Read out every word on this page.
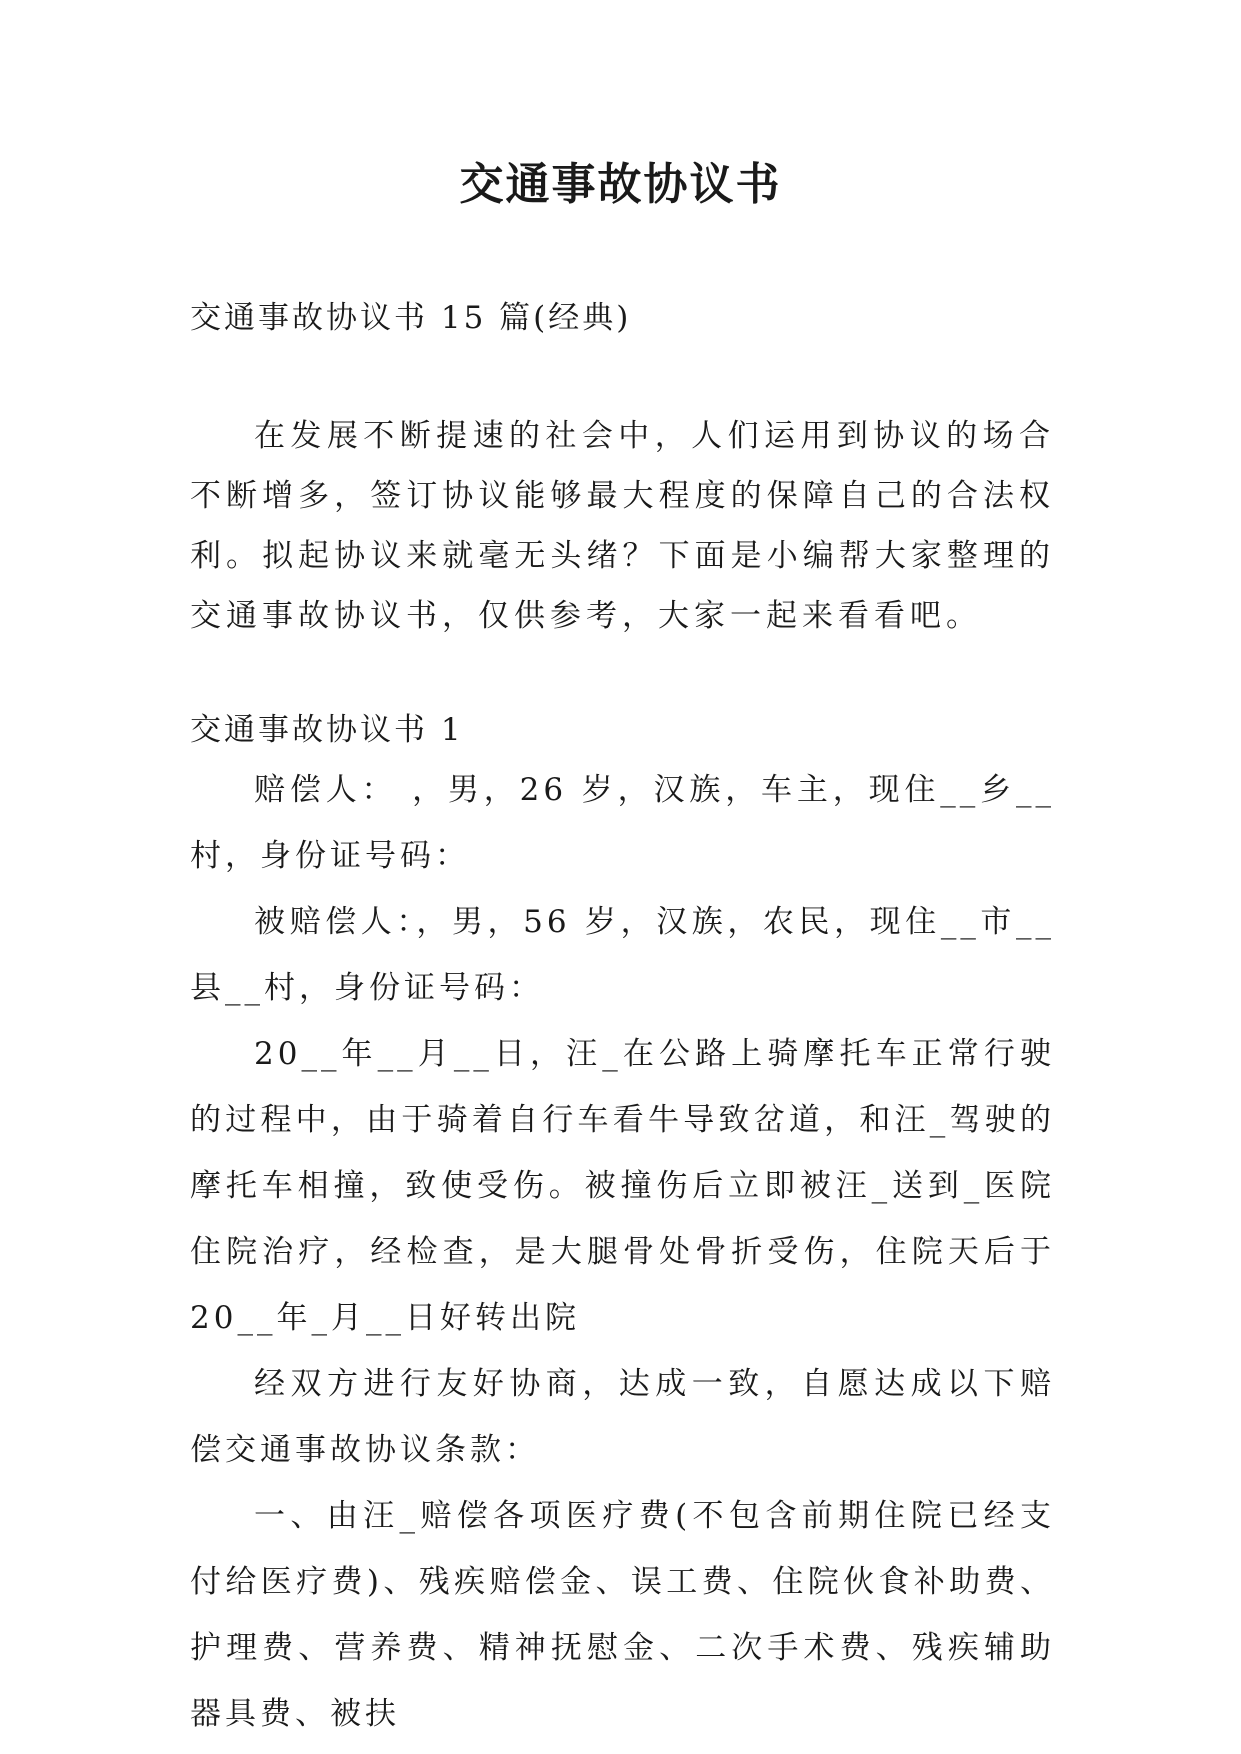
交通事故协议书

交通事故协议书 15 篇(经典)

在发展不断提速的社会中，人们运用到协议的场合不断增多，签订协议能够最大程度的保障自己的合法权利。拟起协议来就毫无头绪？下面是小编帮大家整理的交通事故协议书，仅供参考，大家一起来看看吧。

交通事故协议书 1

赔偿人： ，男，26 岁，汉族，车主，现住__乡__村，身份证号码：

被赔偿人：，男，56 岁，汉族，农民，现住__市__县__村，身份证号码：

20__年__月__日，汪_在公路上骑摩托车正常行驶的过程中，由于骑着自行车看牛导致岔道，和汪_驾驶的摩托车相撞，致使受伤。被撞伤后立即被汪_送到_医院住院治疗，经检查，是大腿骨处骨折受伤，住院天后于 20__年_月__日好转出院

经双方进行友好协商，达成一致，自愿达成以下赔偿交通事故协议条款：

一、由汪_赔偿各项医疗费(不包含前期住院已经支付给医疗费)、残疾赔偿金、误工费、住院伙食补助费、护理费、营养费、精神抚慰金、二次手术费、残疾辅助器具费、被扶
